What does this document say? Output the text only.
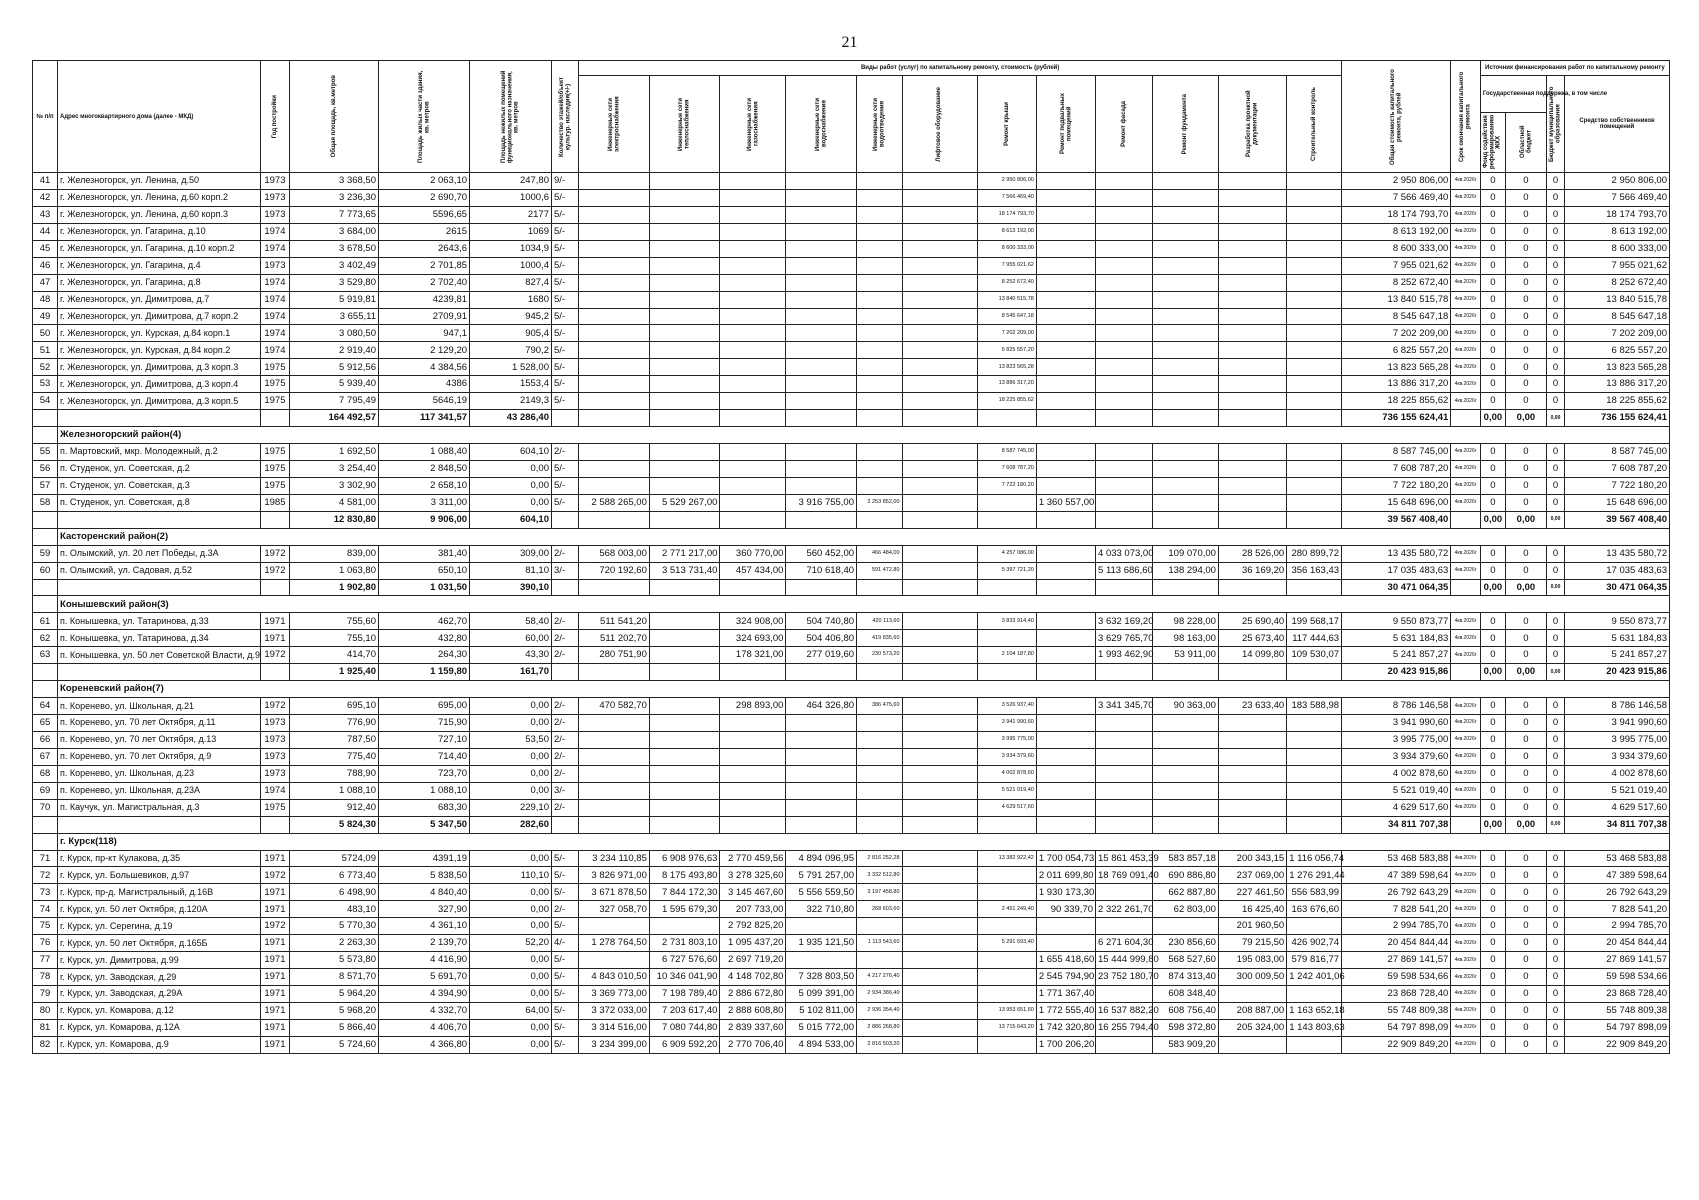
21
№ п/п	Адрес многоквартирного дома (далее - МКД)	Год постройки	Общая площадь, кв.метров	Площадь жилых части здания, кв. метров	Площадь нежилых помещений функционального назначения, кв. метров	Количество этажей/объект культур. наследия(+/-)	Виды работ (услуг) по капитальному ремонту, стоимость (рублей)												Общая стоимость капитального ремонта, рублей	Срок окончания капитального ремонта	Источник финансирования работ по капитальному ремонту			

							Инженерные сети электроснабжения	Инженерные сети теплоснабжения	Инженерные сети газоснабжения	Инженерные сети водоснабжения	Инженерные сети водоотведения	Лифтовое оборудование	Ремонт крыши	Ремонт подвальных помещений	Ремонт фасада	Ремонт фундамента	Разработка проектной документации	Строительный контроль			Государственная поддержка, в том числе		Бюджет муниципального образования	Средство собственников помещений

																					Фонд содействия реформированию ЖКХ	Областной бюджет		

41	г. Железногорск, ул. Ленина, д.50	1973	3 368,50	2 063,10	247,80	9/-							2 950 806,00						2 950 806,00	4кв.2026г	0	0	0	2 950 806,00
42	г. Железногорск, ул. Ленина, д.60 корп.2	1973	3 236,30	2 690,70	1000,6	5/-							7 566 469,40						7 566 469,40	4кв.2026г	0	0	0	7 566 469,40
43	г. Железногорск, ул. Ленина, д.60 корп.3	1973	7 773,65	5596,65	2177	5/-							18 174 793,70						18 174 793,70	4кв.2026г	0	0	0	18 174 793,70
44	г. Железногорск, ул. Гагарина, д.10	1974	3 684,00	2615	1069	5/-							8 613 192,00						8 613 192,00	4кв.2026г	0	0	0	8 613 192,00
45	г. Железногорск, ул. Гагарина, д.10 корп.2	1974	3 678,50	2643,6	1034,9	5/-							8 600 333,00						8 600 333,00	4кв.2026г	0	0	0	8 600 333,00
46	г. Железногорск, ул. Гагарина, д.4	1973	3 402,49	2 701,85	1000,4	5/-							7 955 021,62						7 955 021,62	4кв.2026г	0	0	0	7 955 021,62
47	г. Железногорск, ул. Гагарина, д.8	1974	3 529,80	2 702,40	827,4	5/-							8 252 672,40						8 252 672,40	4кв.2026г	0	0	0	8 252 672,40
48	г. Железногорск, ул. Димитрова, д.7	1974	5 919,81	4239,81	1680	5/-							13 840 515,78						13 840 515,78	4кв.2026г	0	0	0	13 840 515,78
49	г. Железногорск, ул. Димитрова, д.7 корп.2	1974	3 655,11	2709,91	945,2	5/-							8 545 647,18						8 545 647,18	4кв.2026г	0	0	0	8 545 647,18
50	г. Железногорск, ул. Курская, д.84 корп.1	1974	3 080,50	947,1	905,4	5/-							7 202 209,00						7 202 209,00	4кв.2026г	0	0	0	7 202 209,00
51	г. Железногорск, ул. Курская, д.84 корп.2	1974	2 919,40	2 129,20	790,2	5/-							6 825 557,20						6 825 557,20	4кв.2026г	0	0	0	6 825 557,20
52	г. Железногорск, ул. Димитрова, д.3 корп.3	1975	5 912,56	4 384,56	1 528,00	5/-							13 823 565,28						13 823 565,28	4кв.2026г	0	0	0	13 823 565,28
53	г. Железногорск, ул. Димитрова, д.3 корп.4	1975	5 939,40	4386	1553,4	5/-							13 886 317,20						13 886 317,20	4кв.2026г	0	0	0	13 886 317,20
54	г. Железногорск, ул. Димитрова, д.3 корп.5	1975	7 795,49	5646,19	2149,3	5/-							18 225 855,62						18 225 855,62	4кв.2026г	0	0	0	18 225 855,62
			164 492,57	117 341,57	43 286,40														736 155 624,41		0,00	0,00	0,00	736 155 624,41
	Железногорский район(4)																							
55	п. Мартовский, мкр. Молодежный, д.2	1975	1 692,50	1 088,40	604,10	2/-							8 587 745,00						8 587 745,00	4кв.2026г	0	0	0	8 587 745,00
56	п. Студенок, ул. Советская, д.2	1975	3 254,40	2 848,50	0,00	5/-							7 608 787,20						7 608 787,20	4кв.2026г	0	0	0	7 608 787,20
57	п. Студенок, ул. Советская, д.3	1975	3 302,90	2 658,10	0,00	5/-							7 722 180,20						7 722 180,20	4кв.2026г	0	0	0	7 722 180,20
58	п. Студенок, ул. Советская, д.8	1985	4 581,00	3 311,00	0,00	5/-	2 588 265,00	5 529 267,00		3 916 755,00	2 253 852,00			1 360 557,00					15 648 696,00	4кв.2026г	0	0	0	15 648 696,00
			12 830,80	9 906,00	604,10														39 567 408,40		0,00	0,00	0,00	39 567 408,40
	Касторенский район(2)																							
59	п. Олымский, ул. 20 лет Победы, д.3А	1972	839,00	381,40	309,00	2/-	568 003,00	2 771 217,00	360 770,00	560 452,00	466 484,00		4 257 086,00		4 033 073,00	109 070,00	28 526,00	280 899,72	13 435 580,72	4кв.2026г	0	0	0	13 435 580,72
60	п. Олымский, ул. Садовая, д.52	1972	1 063,80	650,10	81,10	3/-	720 192,60	3 513 731,40	457 434,00	710 618,40	591 472,80		5 397 721,20		5 113 686,60	138 294,00	36 169,20	356 163,43	17 035 483,63	4кв.2026г	0	0	0	17 035 483,63
			1 902,80	1 031,50	390,10														30 471 064,35		0,00	0,00	0,00	30 471 064,35
	Конышевский район(3)																							
61	п. Конышевка, ул. Татаринова, д.33	1971	755,60	462,70	58,40	2/-	511 541,20		324 908,00	504 740,80	420 113,60		3 833 914,40		3 632 169,20	98 228,00	25 690,40	199 568,17	9 550 873,77	4кв.2026г	0	0	0	9 550 873,77
62	п. Конышевка, ул. Татаринова, д.34	1971	755,10	432,80	60,00	2/-	511 202,70		324 693,00	504 406,80	419 835,60				3 629 765,70	98 163,00	25 673,40	117 444,63	5 631 184,83	4кв.2026г	0	0	0	5 631 184,83
63	п. Конышевка, ул. 50 лет Советской Власти, д.9	1972	414,70	264,30	43,30	2/-	280 751,90		178 321,00	277 019,60	230 573,20		2 104 187,80		1 993 462,90	53 911,00	14 099,80	109 530,07	5 241 857,27	4кв.2026г	0	0	0	5 241 857,27
			1 925,40	1 159,80	161,70														20 423 915,86		0,00	0,00	0,00	20 423 915,86
	Кореневский район(7)																							
64	п. Коренево, ул. Школьная, д.21	1972	695,10	695,00	0,00	2/-	470 582,70		298 893,00	464 326,80	386 475,60		3 526 937,40		3 341 345,70	90 363,00	23 633,40	183 588,98	8 786 146,58	4кв.2026г	0	0	0	8 786 146,58
65	п. Коренево, ул. 70 лет Октября, д.11	1973	776,90	715,90	0,00	2/-							3 941 990,60						3 941 990,60	4кв.2026г	0	0	0	3 941 990,60
66	п. Коренево, ул. 70 лет Октября, д.13	1973	787,50	727,10	53,50	2/-							3 995 775,00						3 995 775,00	4кв.2026г	0	0	0	3 995 775,00
67	п. Коренево, ул. 70 лет Октября, д.9	1973	775,40	714,40	0,00	2/-							3 934 379,60						3 934 379,60	4кв.2026г	0	0	0	3 934 379,60
68	п. Коренево, ул. Школьная, д.23	1973	788,90	723,70	0,00	2/-							4 002 878,60						4 002 878,60	4кв.2026г	0	0	0	4 002 878,60
69	п. Коренево, ул. Школьная, д.23А	1974	1 088,10	1 088,10	0,00	3/-							5 521 019,40						5 521 019,40	4кв.2026г	0	0	0	5 521 019,40
70	п. Каучук, ул. Магистральная, д.3	1975	912,40	683,30	229,10	2/-							4 629 517,60						4 629 517,60	4кв.2026г	0	0	0	4 629 517,60
			5 824,30	5 347,50	282,60														34 811 707,38		0,00	0,00	0,00	34 811 707,38
	г. Курск(118)																							
71	г. Курск, пр-кт Кулакова, д.35	1971	5724,09	4391,19	0,00	5/-	3 234 110,85	6 908 976,63	2 770 459,56	4 894 096,95	2 816 252,28		13 382 922,42	1 700 054,73	15 861 453,39	583 857,18	200 343,15	1 116 056,74	53 468 583,88	4кв.2026г	0	0	0	53 468 583,88
72	г. Курск, ул. Большевиков, д.97	1972	6 773,40	5 838,50	110,10	5/-	3 826 971,00	8 175 493,80	3 278 325,60	5 791 257,00	3 332 512,80			2 011 699,80	18 769 091,40	690 886,80	237 069,00	1 276 291,44	47 389 598,64	4кв.2026г	0	0	0	47 389 598,64
73	г. Курск, пр-д. Магистральный, д.16В	1971	6 498,90	4 840,40	0,00	5/-	3 671 878,50	7 844 172,30	3 145 467,60	5 556 559,50	3 197 458,80			1 930 173,30		662 887,80	227 461,50	556 583,99	26 792 643,29	4кв.2026г	0	0	0	26 792 643,29
74	г. Курск, ул. 50 лет Октября, д.120А	1971	483,10	327,90	0,00	2/-	327 058,70	1 595 679,30	207 733,00	322 710,80	268 603,60		2 451 249,40	90 339,70	2 322 261,70	62 803,00	16 425,40	163 676,60	7 828 541,20	4кв.2026г	0	0	0	7 828 541,20
75	г. Курск, ул. Серегина, д.19	1972	5 770,30	4 361,10	0,00	5/-			2 792 825,20								201 960,50		2 994 785,70	4кв.2026г	0	0	0	2 994 785,70
76	г. Курск, ул. 50 лет Октября, д.165Б	1971	2 263,30	2 139,70	52,20	4/-	1 278 764,50	2 731 803,10	1 095 437,20	1 935 121,50	1 113 543,60		5 291 593,40		6 271 604,30	230 856,60	79 215,50	426 902,74	20 454 844,44	4кв.2026г	0	0	0	20 454 844,44
77	г. Курск, ул. Димитрова, д.99	1971	5 573,80	4 416,90	0,00	5/-		6 727 576,60	2 697 719,20					1 655 418,60	15 444 999,80	568 527,60	195 083,00	579 816,77	27 869 141,57	4кв.2026г	0	0	0	27 869 141,57
78	г. Курск, ул. Заводская, д.29	1971	8 571,70	5 691,70	0,00	5/-	4 843 010,50	10 346 041,90	4 148 702,80	7 328 803,50	4 217 276,40			2 545 794,90	23 752 180,70	874 313,40	300 009,50	1 242 401,06	59 598 534,66	4кв.2026г	0	0	0	59 598 534,66
79	г. Курск, ул. Заводская, д.29А	1971	5 964,20	4 394,90	0,00	5/-	3 369 773,00	7 198 789,40	2 886 672,80	5 099 391,00	2 934 386,40			1 771 367,40		608 348,40			23 868 728,40	4кв.2026г	0	0	0	23 868 728,40
80	г. Курск, ул. Комарова, д.12	1971	5 968,20	4 332,70	64,00	5/-	3 372 033,00	7 203 617,40	2 888 608,80	5 102 811,00	2 936 354,40		13 953 651,60	1 772 555,40	16 537 882,20	608 756,40	208 887,00	1 163 652,18	55 748 809,38	4кв.2026г	0	0	0	55 748 809,38
81	г. Курск, ул. Комарова, д.12А	1971	5 866,40	4 406,70	0,00	5/-	3 314 516,00	7 080 744,80	2 839 337,60	5 015 772,00	2 886 268,80		13 715 643,20	1 742 320,80	16 255 794,40	598 372,80	205 324,00	1 143 803,63	54 797 898,09	4кв.2026г	0	0	0	54 797 898,09
82	г. Курск, ул. Комарова, д.9	1971	5 724,60	4 366,80	0,00	5/-	3 234 399,00	6 909 592,20	2 770 706,40	4 894 533,00	2 816 503,20			1 700 206,20		583 909,20			22 909 849,20	4кв.2026г	0	0	0	22 909 849,20
